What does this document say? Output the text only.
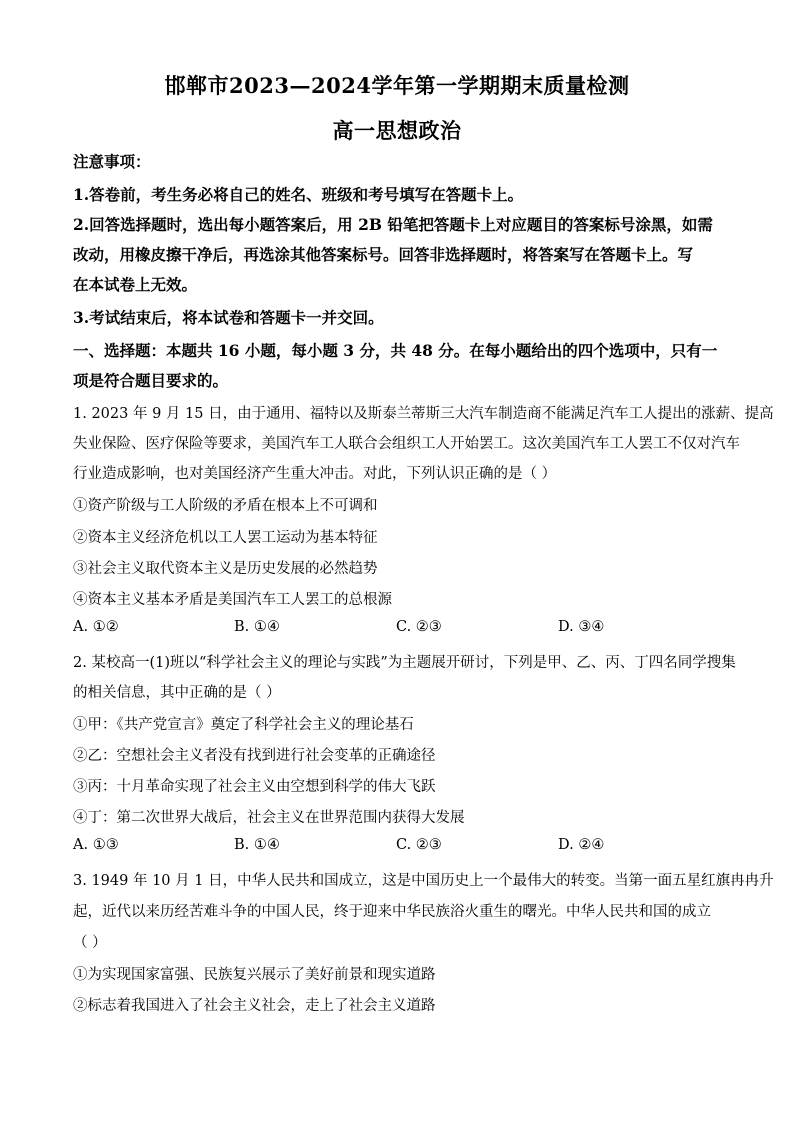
邯郸市2023—2024学年第一学期期末质量检测
高一思想政治
注意事项：
1.答卷前，考生务必将自己的姓名、班级和考号填写在答题卡上。
2.回答选择题时，选出每小题答案后，用 2B 铅笔把答题卡上对应题目的答案标号涂黑，如需
改动，用橡皮擦干净后，再选涂其他答案标号。回答非选择题时，将答案写在答题卡上。写
在本试卷上无效。
3.考试结束后，将本试卷和答题卡一并交回。
一、选择题：本题共 16 小题，每小题 3 分，共 48 分。在每小题给出的四个选项中，只有一
项是符合题目要求的。
1. 2023 年 9 月 15 日，由于通用、福特以及斯泰兰蒂斯三大汽车制造商不能满足汽车工人提出的涨薪、提高
失业保险、医疗保险等要求，美国汽车工人联合会组织工人开始罢工。这次美国汽车工人罢工不仅对汽车
行业造成影响，也对美国经济产生重大冲击。对此，下列认识正确的是（ ）
①资产阶级与工人阶级的矛盾在根本上不可调和
②资本主义经济危机以工人罢工运动为基本特征
③社会主义取代资本主义是历史发展的必然趋势
④资本主义基本矛盾是美国汽车工人罢工的总根源
A. ①②	B. ①④	C. ②③	D. ③④
2. 某校高一(1)班以“科学社会主义的理论与实践”为主题展开研讨，下列是甲、乙、丙、丁四名同学搜集
的相关信息，其中正确的是（ ）
①甲：《共产党宣言》奠定了科学社会主义的理论基石
②乙：空想社会主义者没有找到进行社会变革的正确途径
③丙：十月革命实现了社会主义由空想到科学的伟大飞跃
④丁：第二次世界大战后，社会主义在世界范围内获得大发展
A. ①③	B. ①④	C. ②③	D. ②④
3. 1949 年 10 月 1 日，中华人民共和国成立，这是中国历史上一个最伟大的转变。当第一面五星红旗冉冉升
起，近代以来历经苦难斗争的中国人民，终于迎来中华民族浴火重生的曙光。中华人民共和国的成立
（ ）
①为实现国家富强、民族复兴展示了美好前景和现实道路
②标志着我国进入了社会主义社会，走上了社会主义道路
